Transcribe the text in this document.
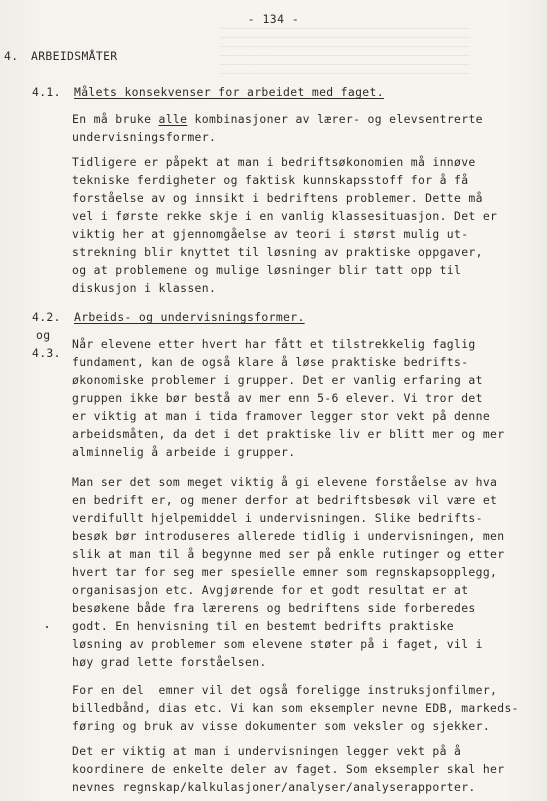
- 134 -
4. ARBEIDSMÅTER
4.1. Målets konsekvenser for arbeidet med faget.
En må bruke alle kombinasjoner av lærer- og elevsentrerte
undervisningsformer.
Tidligere er påpekt at man i bedriftsøkonomien må innøve
tekniske ferdigheter og faktisk kunnskapsstoff for å få
forståelse av og innsikt i bedriftens problemer. Dette må
vel i første rekke skje i en vanlig klassesituasjon. Det er
viktig her at gjennomgåelse av teori i størst mulig ut-
strekning blir knyttet til løsning av praktiske oppgaver,
og at problemene og mulige løsninger blir tatt opp til
diskusjon i klassen.
4.2. Arbeids- og undervisningsformer.
og
4.3.
Når elevene etter hvert har fått et tilstrekkelig faglig
fundament, kan de også klare å løse praktiske bedrifts-
økonomiske problemer i grupper. Det er vanlig erfaring at
gruppen ikke bør bestå av mer enn 5-6 elever. Vi tror det
er viktig at man i tida framover legger stor vekt på denne
arbeidsmåten, da det i det praktiske liv er blitt mer og mer
alminnelig å arbeide i grupper.
Man ser det som meget viktig å gi elevene forståelse av hva
en bedrift er, og mener derfor at bedriftsbesøk vil være et
verdifullt hjelpemiddel i undervisningen. Slike bedrifts-
besøk bør introduseres allerede tidlig i undervisningen, men
slik at man til å begynne med ser på enkle rutinger og etter
hvert tar for seg mer spesielle emner som regnskapsopplegg,
organisasjon etc. Avgjørende for et godt resultat er at
besøkene både fra lærerens og bedriftens side forberedes
godt. En henvisning til en bestemt bedrifts praktiske
løsning av problemer som elevene støter på i faget, vil i
høy grad lette forståelsen.
For en del  emner vil det også foreligge instruksjonfilmer,
billedbånd, dias etc. Vi kan som eksempler nevne EDB, markeds-
føring og bruk av visse dokumenter som veksler og sjekker.
Det er viktig at man i undervisningen legger vekt på å
koordinere de enkelte deler av faget. Som eksempler skal her
nevnes regnskap/kalkulasjoner/analyser/analyserapporter.
